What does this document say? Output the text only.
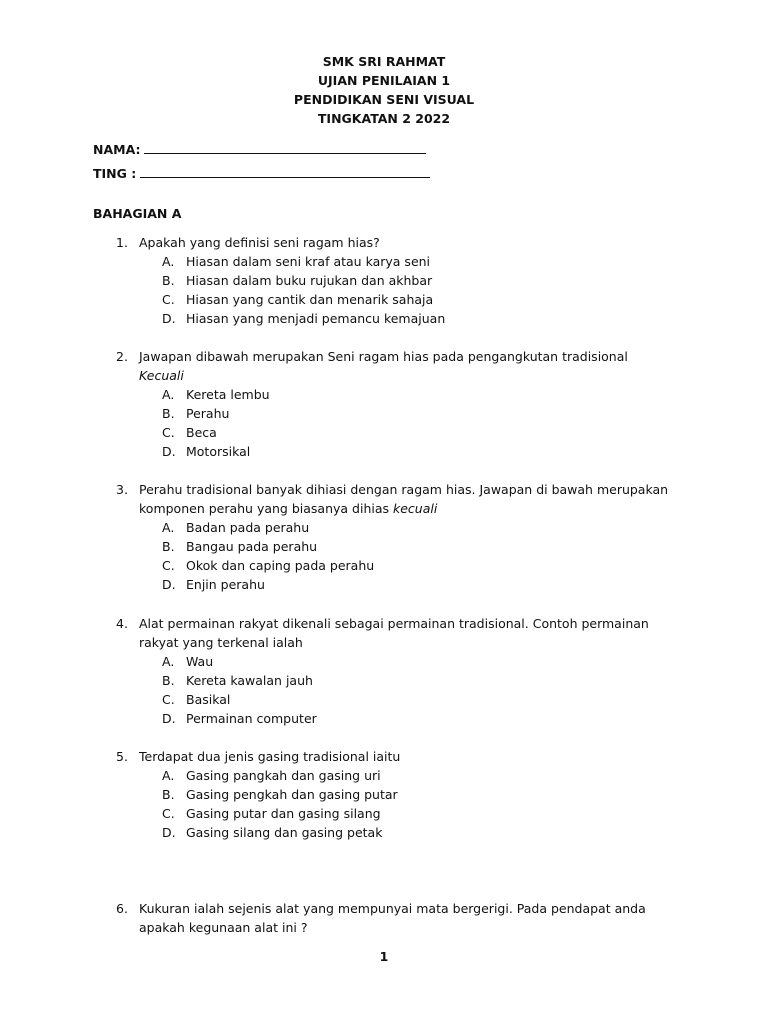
SMK SRI RAHMAT
UJIAN PENILAIAN 1
PENDIDIKAN SENI VISUAL
TINGKATAN 2 2022
NAMA:
TING :
BAHAGIAN A
1. Apakah yang definisi seni ragam hias?
A. Hiasan dalam seni kraf atau karya seni
B. Hiasan dalam buku rujukan dan akhbar
C. Hiasan yang cantik dan menarik sahaja
D. Hiasan yang menjadi pemancu kemajuan
2. Jawapan dibawah merupakan Seni ragam hias pada pengangkutan tradisional Kecuali
A. Kereta lembu
B. Perahu
C. Beca
D. Motorsikal
3. Perahu tradisional banyak dihiasi dengan ragam hias. Jawapan di bawah merupakan komponen perahu yang biasanya dihias kecuali
A. Badan pada perahu
B. Bangau pada perahu
C. Okok dan caping pada perahu
D. Enjin perahu
4. Alat permainan rakyat dikenali sebagai permainan tradisional. Contoh permainan rakyat yang terkenal ialah
A. Wau
B. Kereta kawalan jauh
C. Basikal
D. Permainan computer
5. Terdapat dua jenis gasing tradisional iaitu
A. Gasing pangkah dan gasing uri
B. Gasing pengkah dan gasing putar
C. Gasing putar dan gasing silang
D. Gasing silang dan gasing petak
6. Kukuran ialah sejenis alat yang mempunyai mata bergerigi. Pada pendapat anda apakah kegunaan alat ini ?
1
